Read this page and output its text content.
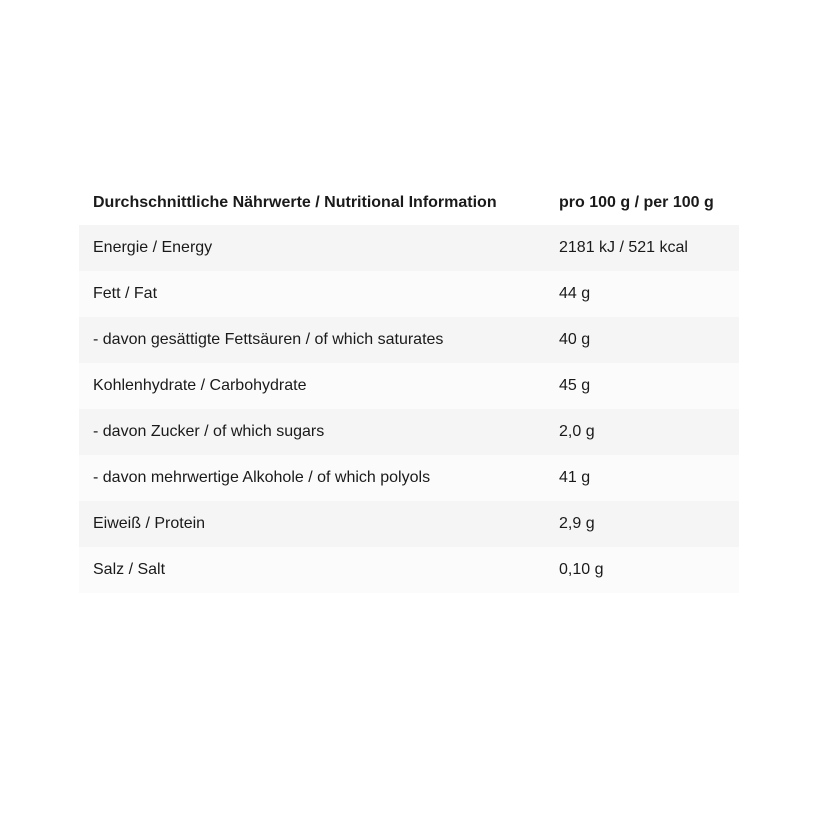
Durchschnittliche Nährwerte / Nutritional Information	pro 100 g / per 100 g
Energie / Energy	2181 kJ / 521 kcal
Fett / Fat	44 g
- davon gesättigte Fettsäuren / of which saturates	40 g
Kohlenhydrate / Carbohydrate	45 g
- davon Zucker / of which sugars	2,0 g
- davon mehrwertige Alkohole / of which polyols	41 g
Eiweiß / Protein	2,9 g
Salz / Salt	0,10 g
